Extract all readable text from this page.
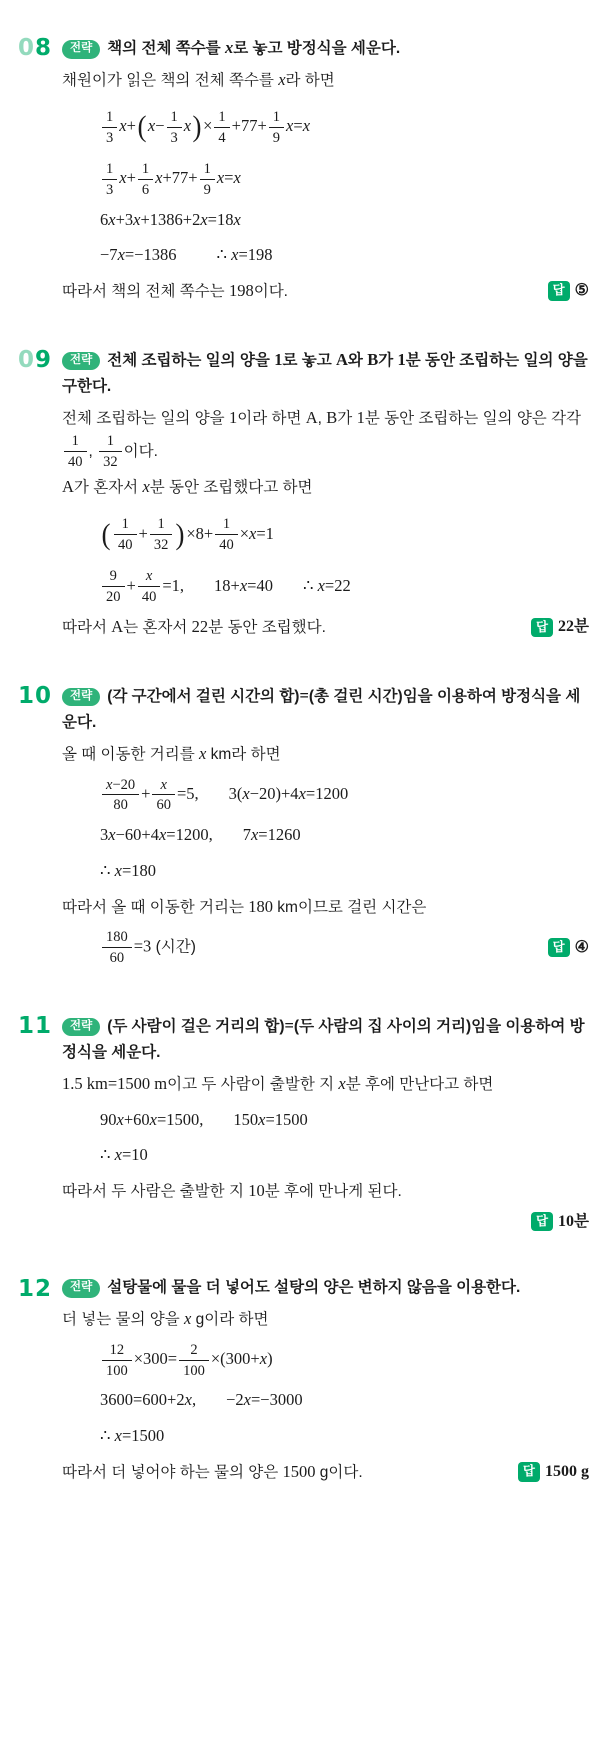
08	전략 책의 전체 쪽수를 x로 놓고 방정식을 세운다.
채원이가 읽은 책의 전체 쪽수를 x라 하면
$\frac{1}{3} x+(x- \frac{1}{3} x)\times \frac{1}{4} +77+ \frac{1}{9} x=x$
$\frac{1}{3} x+ \frac{1}{6} x+77+ \frac{1}{9} x=x$
6x+3x+1386+2x=18x
−7x=−1386 ∴ x=198
따라서 책의 전체 쪽수는 198이다.	답 ⑤
09	전략 전체 조립하는 일의 양을 1로 놓고 A와 B가 1분 동안 조립하는 일의 양을 구한다.
전체 조립하는 일의 양을 1이라 하면 A, B가 1분 동안 조립하는 일의 양은 각각
$\frac{1}{40}$ , $\frac{1}{32}$ 이다.
A가 혼자서 x분 동안 조립했다고 하면
( $\frac{1}{40} + \frac{1}{32} )\times 8+ \frac{1}{40} \times x=1$
$\frac{9}{20} + \frac{x}{40} =1$, 18+x=40 ∴ x=22
따라서 A는 혼자서 22분 동안 조립했다.	답 22분
10	전략 (각 구간에서 걸린 시간의 합)=(총 걸린 시간)임을 이용하여 방정식을 세운다.
올 때 이동한 거리를 x km라 하면
$\frac{x-20}{80} + \frac{x}{60} =5$, 3(x−20)+4x=1200
3x−60+4x=1200, 7x=1260
∴ x=180
따라서 올 때 이동한 거리는 180 km이므로 걸린 시간은
$\frac{180}{60} =3$ (시간)	답 ④
11	전략 (두 사람이 걸은 거리의 합)=(두 사람의 집 사이의 거리)임을 이용하여 방정식을 세운다.
1.5 km=1500 m이고 두 사람이 출발한 지 x분 후에 만난다고 하면
90x+60x=1500, 150x=1500
∴ x=10
따라서 두 사람은 출발한 지 10분 후에 만나게 된다.
답 10분
12	전략 설탕물에 물을 더 넣어도 설탕의 양은 변하지 않음을 이용한다.
더 넣는 물의 양을 x g이라 하면
$\frac{12}{100} \times 300= \frac{2}{100} \times(300+x)$
3600=600+2x, −2x=−3000
∴ x=1500
따라서 더 넣어야 하는 물의 양은 1500 g이다.	답 1500 g
